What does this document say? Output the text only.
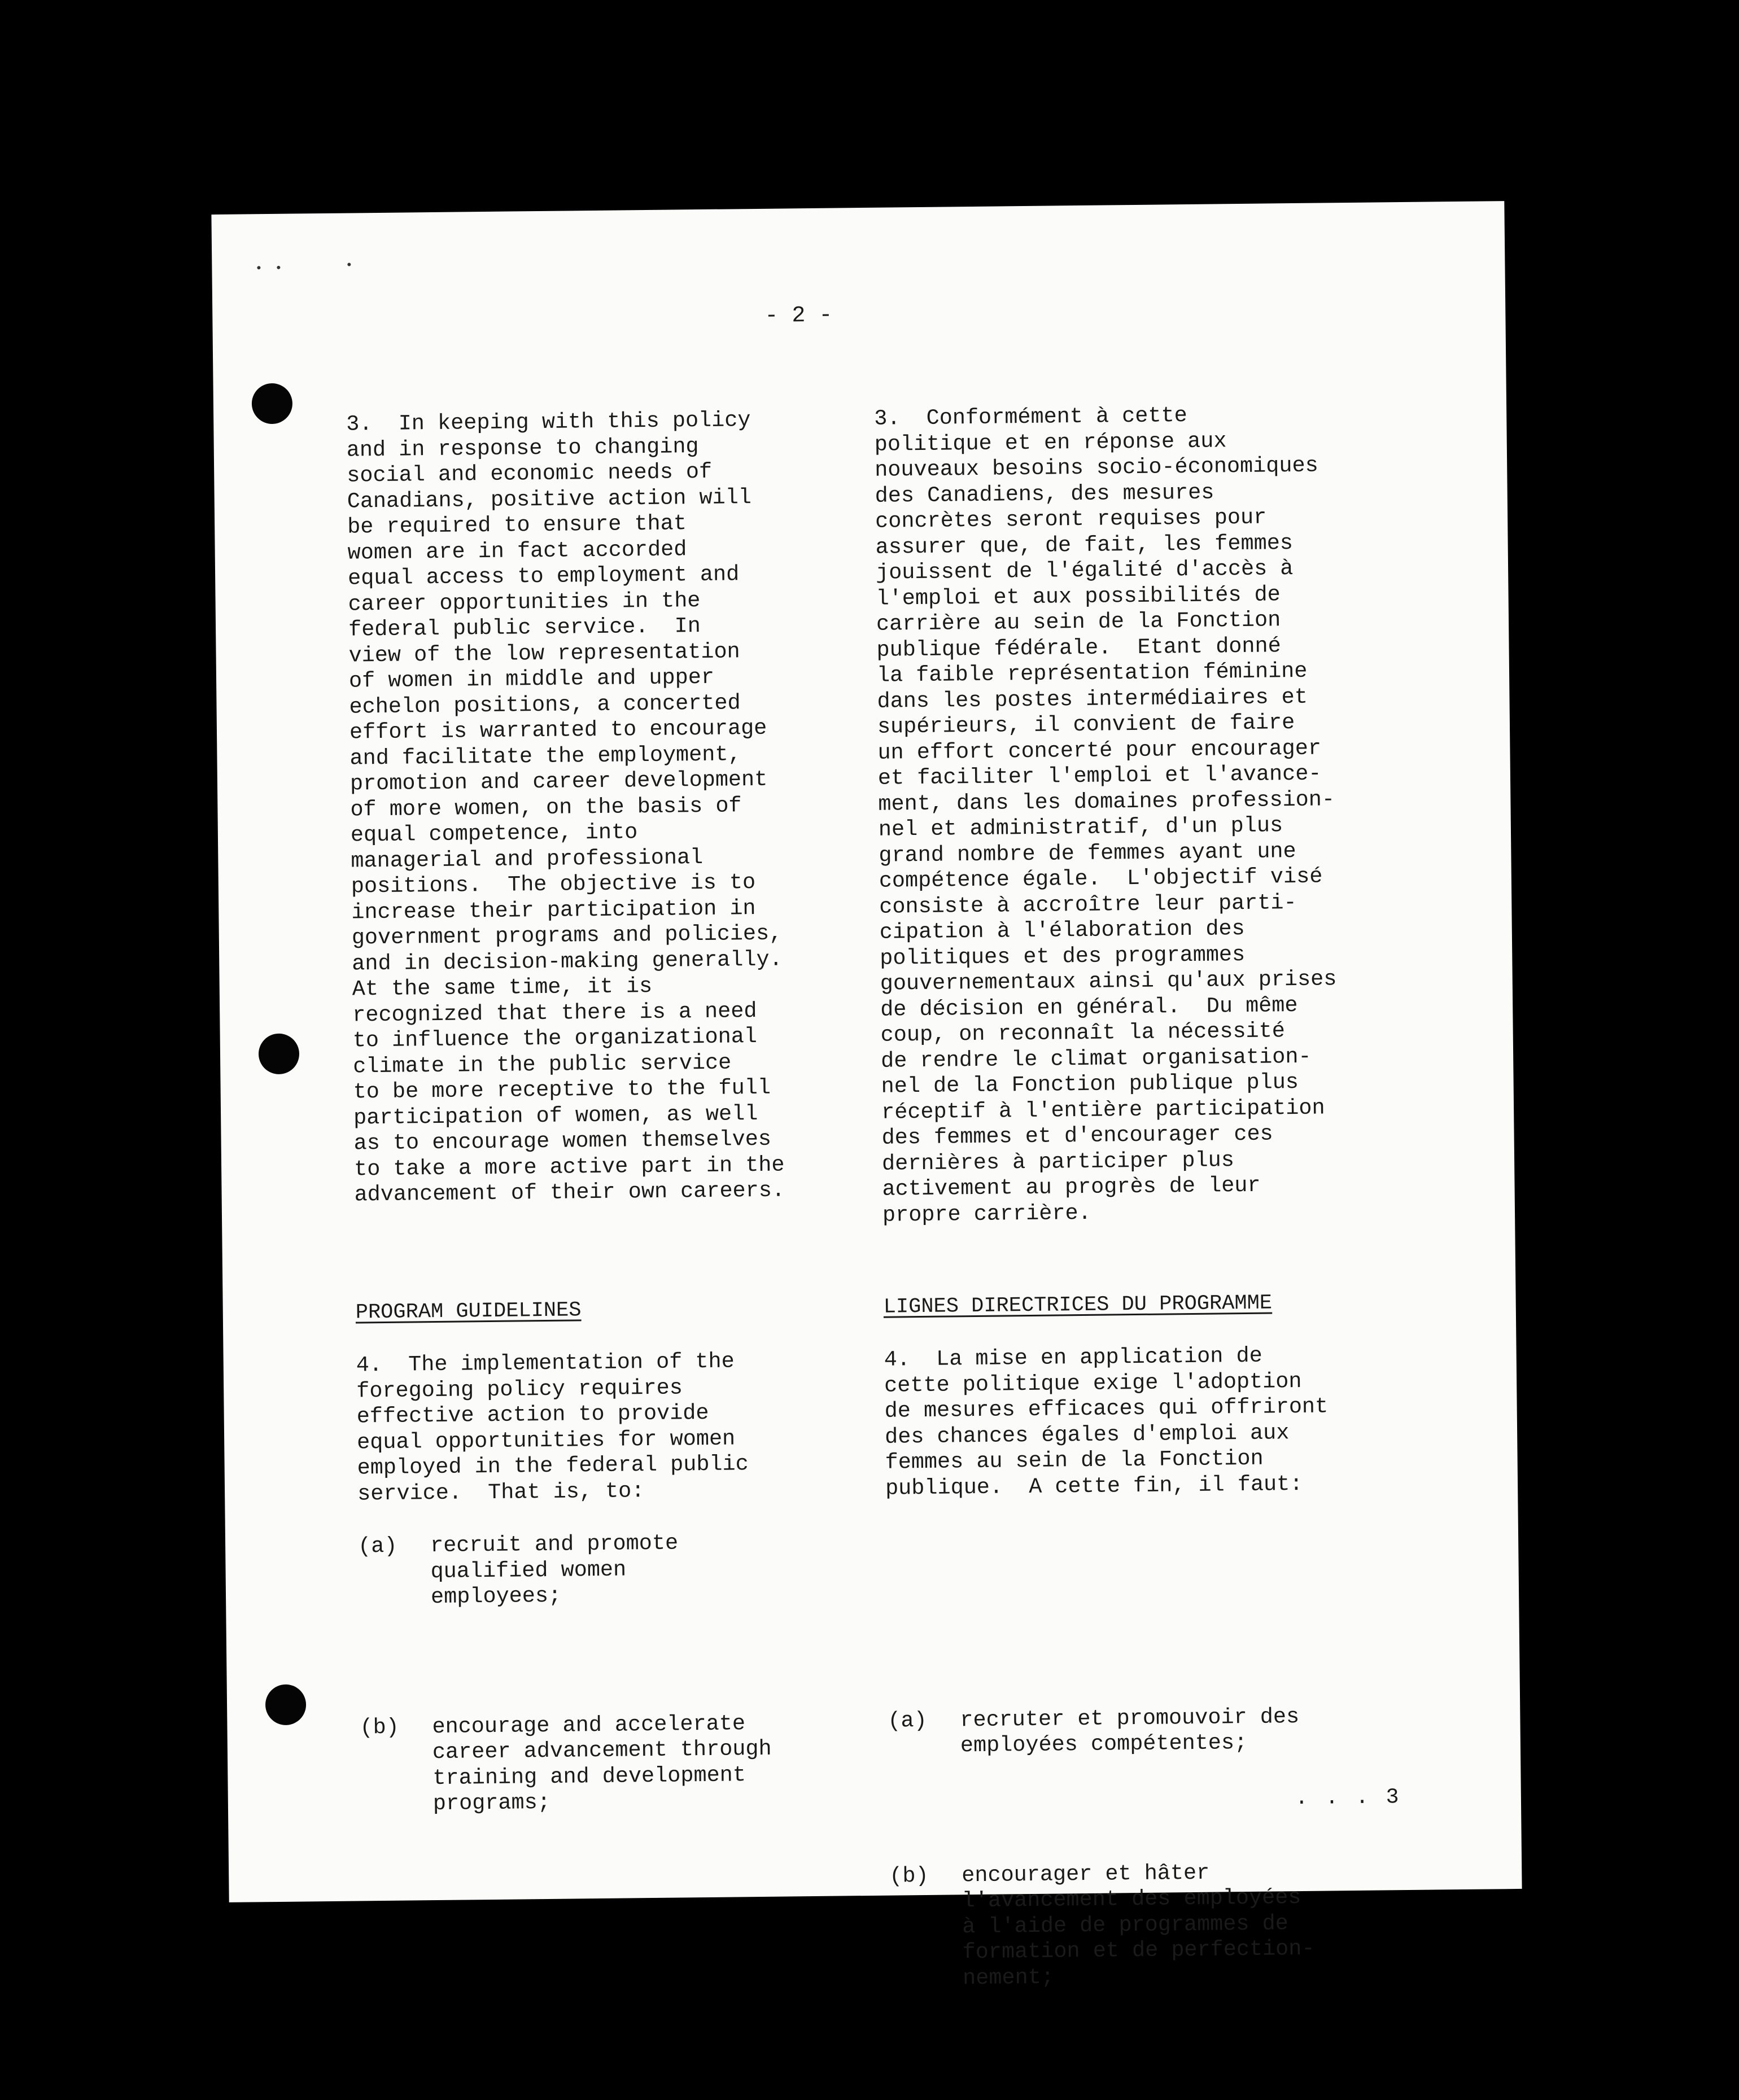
- 2 -

3.  In keeping with this policy
and in response to changing
social and economic needs of
Canadians, positive action will
be required to ensure that
women are in fact accorded
equal access to employment and
career opportunities in the
federal public service.  In
view of the low representation
of women in middle and upper
echelon positions, a concerted
effort is warranted to encourage
and facilitate the employment,
promotion and career development
of more women, on the basis of
equal competence, into
managerial and professional
positions.  The objective is to
increase their participation in
government programs and policies,
and in decision-making generally.
At the same time, it is
recognized that there is a need
to influence the organizational
climate in the public service
to be more receptive to the full
participation of women, as well
as to encourage women themselves
to take a more active part in the
advancement of their own careers.

PROGRAM GUIDELINES

4.  The implementation of the
foregoing policy requires
effective action to provide
equal opportunities for women
employed in the federal public
service.  That is, to:

(a) recruit and promote
qualified women
employees;

(b) encourage and accelerate
career advancement through
training and development
programs;

3.  Conformément à cette
politique et en réponse aux
nouveaux besoins socio-économiques
des Canadiens, des mesures
concrètes seront requises pour
assurer que, de fait, les femmes
jouissent de l'égalité d'accès à
l'emploi et aux possibilités de
carrière au sein de la Fonction
publique fédérale.  Etant donné
la faible représentation féminine
dans les postes intermédiaires et
supérieurs, il convient de faire
un effort concerté pour encourager
et faciliter l'emploi et l'avance-
ment, dans les domaines profession-
nel et administratif, d'un plus
grand nombre de femmes ayant une
compétence égale.  L'objectif visé
consiste à accroître leur parti-
cipation à l'élaboration des
politiques et des programmes
gouvernementaux ainsi qu'aux prises
de décision en général.  Du même
coup, on reconnaît la nécessité
de rendre le climat organisation-
nel de la Fonction publique plus
réceptif à l'entière participation
des femmes et d'encourager ces
dernières à participer plus
activement au progrès de leur
propre carrière.

LIGNES DIRECTRICES DU PROGRAMME

4.  La mise en application de
cette politique exige l'adoption
de mesures efficaces qui offriront
des chances égales d'emploi aux
femmes au sein de la Fonction
publique.  A cette fin, il faut:

(a) recruter et promouvoir des
employées compétentes;

(b) encourager et hâter
l'avancement des employées
à l'aide de programmes de
formation et de perfection-
nement;

. . . 3
